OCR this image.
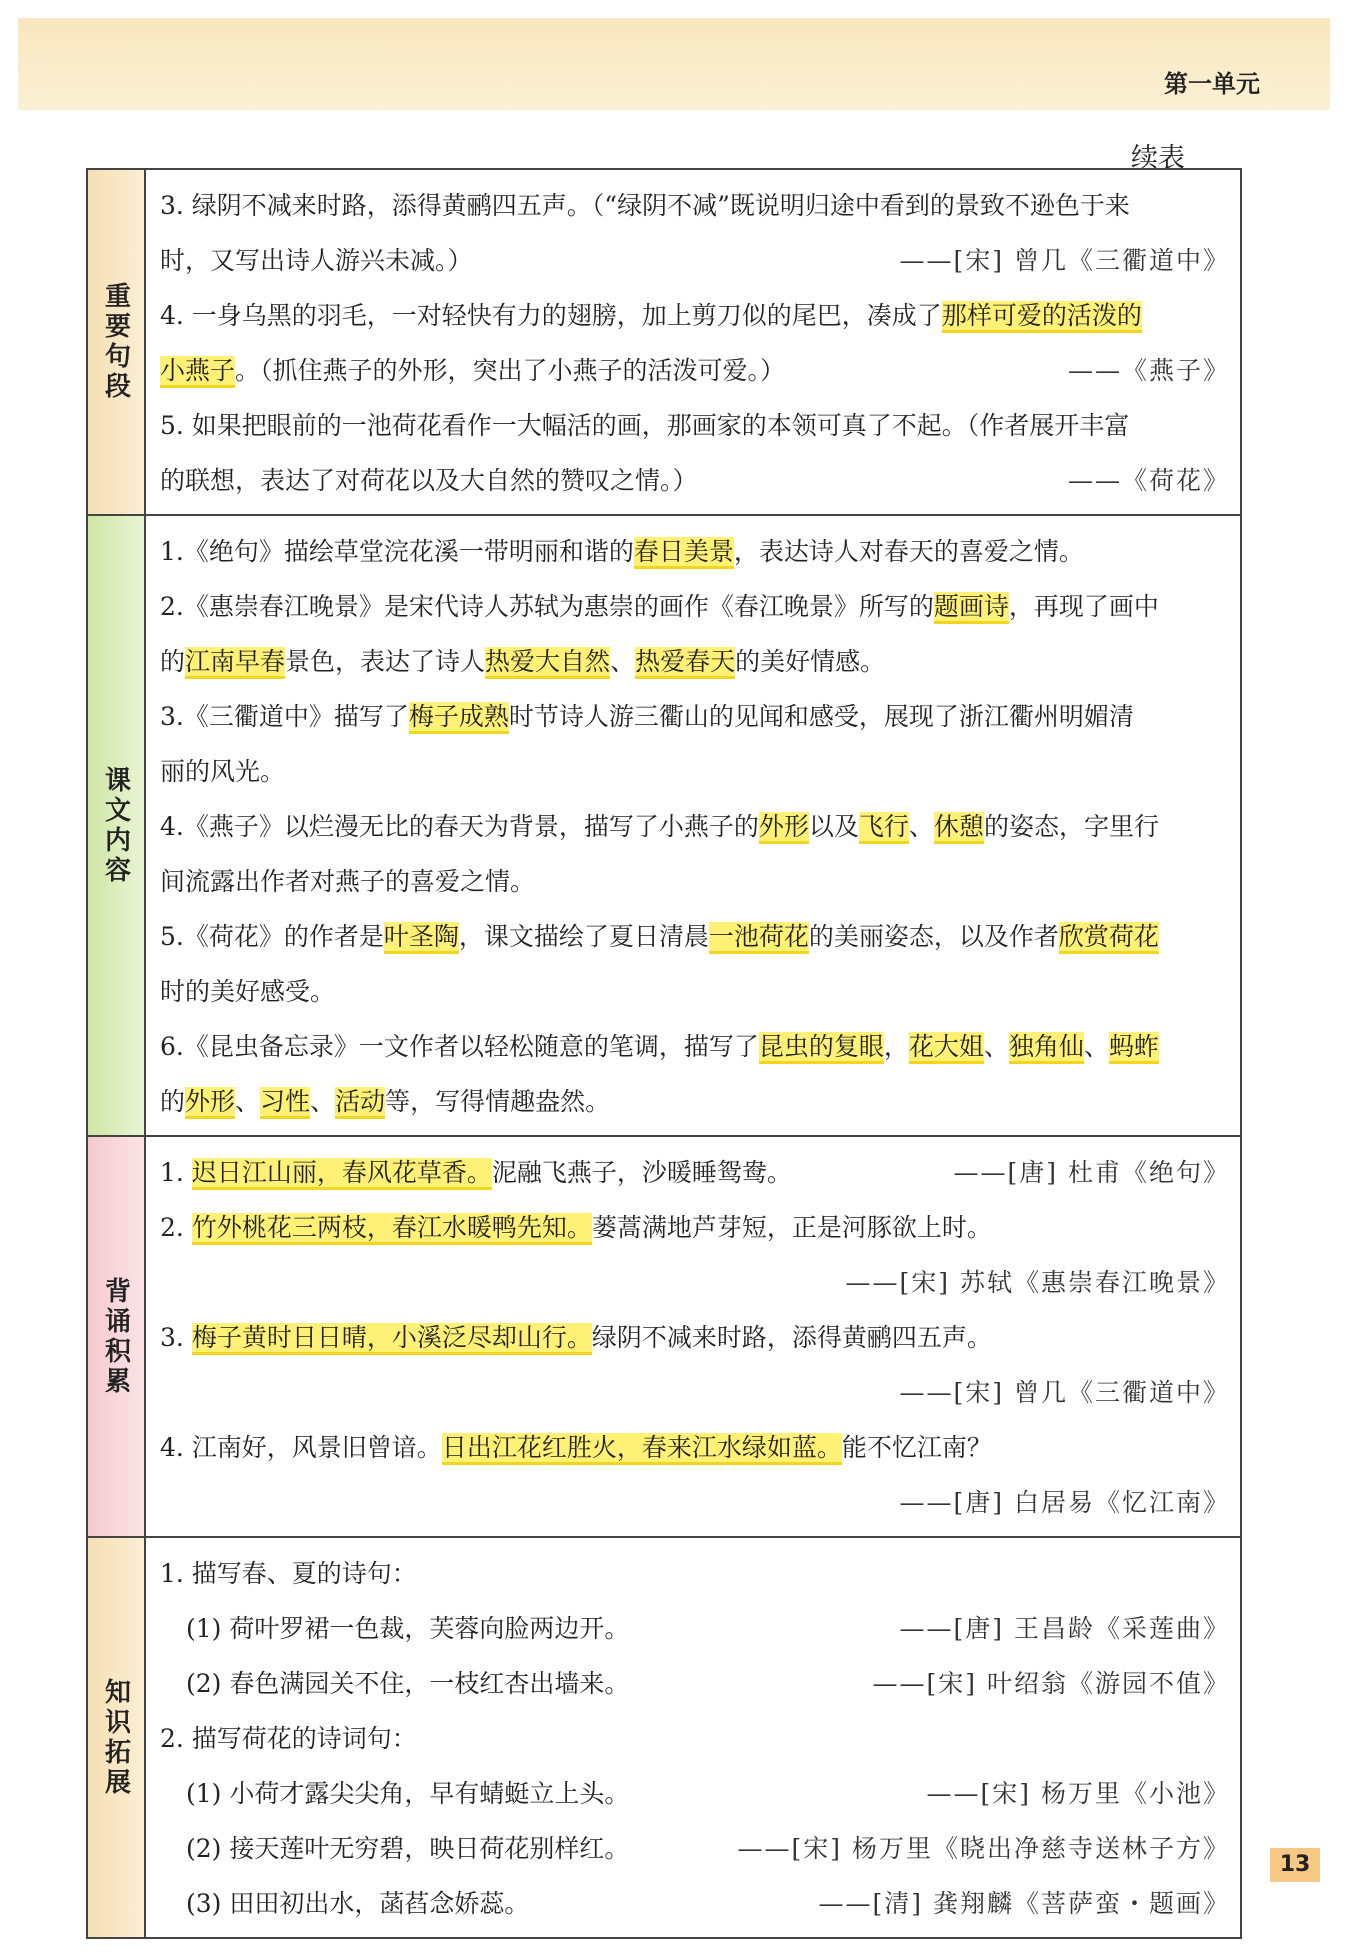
第一单元
续表
重要句段
3. 绿阴不减来时路，添得黄鹂四五声。（“绿阴不减”既说明归途中看到的景致不逊色于来
时，又写出诗人游兴未减。）	——[宋] 曾几《三衢道中》
4. 一身乌黑的羽毛，一对轻快有力的翅膀，加上剪刀似的尾巴，凑成了那样可爱的活泼的
小燕子。（抓住燕子的外形，突出了小燕子的活泼可爱。）	——《燕子》
5. 如果把眼前的一池荷花看作一大幅活的画，那画家的本领可真了不起。（作者展开丰富
的联想，表达了对荷花以及大自然的赞叹之情。）	——《荷花》
课文内容
1.《绝句》描绘草堂浣花溪一带明丽和谐的春日美景，表达诗人对春天的喜爱之情。
2.《惠崇春江晚景》是宋代诗人苏轼为惠崇的画作《春江晚景》所写的题画诗，再现了画中
的江南早春景色，表达了诗人热爱大自然、热爱春天的美好情感。
3.《三衢道中》描写了梅子成熟时节诗人游三衢山的见闻和感受，展现了浙江衢州明媚清
丽的风光。
4.《燕子》以烂漫无比的春天为背景，描写了小燕子的外形以及飞行、休憩的姿态，字里行
间流露出作者对燕子的喜爱之情。
5.《荷花》的作者是叶圣陶，课文描绘了夏日清晨一池荷花的美丽姿态，以及作者欣赏荷花
时的美好感受。
6.《昆虫备忘录》一文作者以轻松随意的笔调，描写了昆虫的复眼，花大姐、独角仙、蚂蚱
的外形、习性、活动等，写得情趣盎然。
背诵积累
1. 迟日江山丽，春风花草香。泥融飞燕子，沙暖睡鸳鸯。	——[唐] 杜甫《绝句》
2. 竹外桃花三两枝，春江水暖鸭先知。蒌蒿满地芦芽短，正是河豚欲上时。
——[宋] 苏轼《惠崇春江晚景》
3. 梅子黄时日日晴，小溪泛尽却山行。绿阴不减来时路，添得黄鹂四五声。
——[宋] 曾几《三衢道中》
4. 江南好，风景旧曾谙。日出江花红胜火，春来江水绿如蓝。能不忆江南？
——[唐] 白居易《忆江南》
知识拓展
1. 描写春、夏的诗句：
(1) 荷叶罗裙一色裁，芙蓉向脸两边开。	——[唐] 王昌龄《采莲曲》
(2) 春色满园关不住，一枝红杏出墙来。	——[宋] 叶绍翁《游园不值》
2. 描写荷花的诗词句：
(1) 小荷才露尖尖角，早有蜻蜓立上头。	——[宋] 杨万里《小池》
(2) 接天莲叶无穷碧，映日荷花别样红。	——[宋] 杨万里《晓出净慈寺送林子方》
(3) 田田初出水，菡萏念娇蕊。	——[清] 龚翔麟《菩萨蛮・题画》
13
